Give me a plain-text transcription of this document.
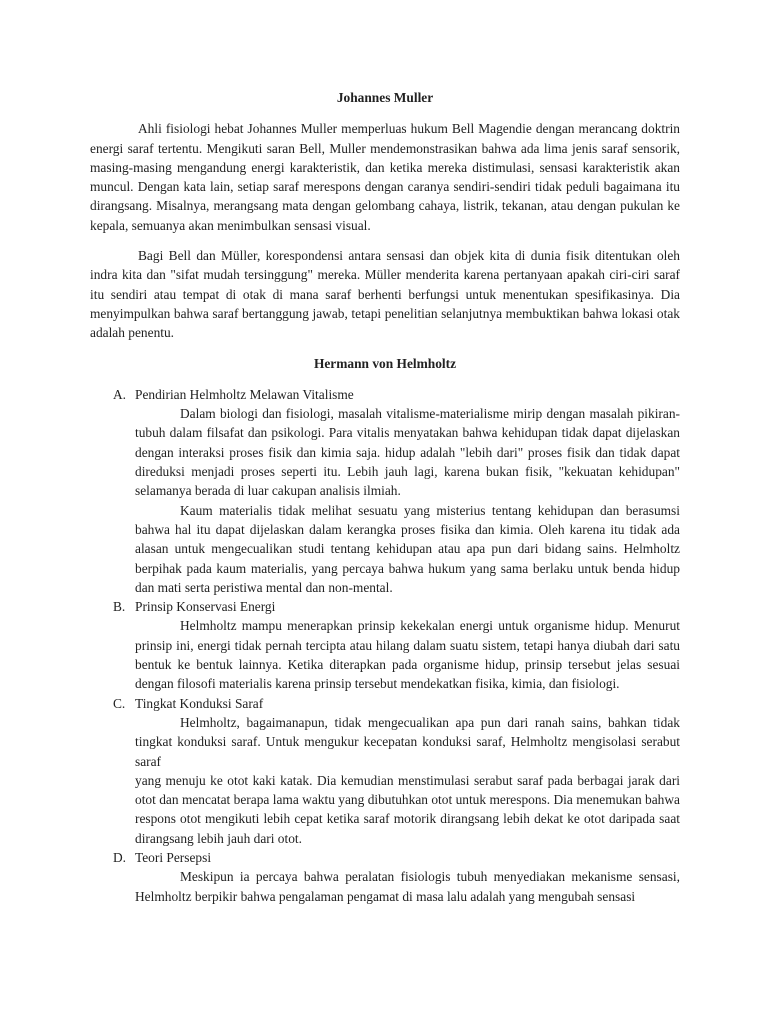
Johannes Muller

Ahli fisiologi hebat Johannes Muller memperluas hukum Bell Magendie dengan merancang doktrin energi saraf tertentu. Mengikuti saran Bell, Muller mendemonstrasikan bahwa ada lima jenis saraf sensorik, masing-masing mengandung energi karakteristik, dan ketika mereka distimulasi, sensasi karakteristik akan muncul. Dengan kata lain, setiap saraf merespons dengan caranya sendiri-sendiri tidak peduli bagaimana itu dirangsang. Misalnya, merangsang mata dengan gelombang cahaya, listrik, tekanan, atau dengan pukulan ke kepala, semuanya akan menimbulkan sensasi visual.

Bagi Bell dan Müller, korespondensi antara sensasi dan objek kita di dunia fisik ditentukan oleh indra kita dan "sifat mudah tersinggung" mereka. Müller menderita karena pertanyaan apakah ciri-ciri saraf itu sendiri atau tempat di otak di mana saraf berhenti berfungsi untuk menentukan spesifikasinya. Dia menyimpulkan bahwa saraf bertanggung jawab, tetapi penelitian selanjutnya membuktikan bahwa lokasi otak adalah penentu.

Hermann von Helmholtz
A. Pendirian Helmholtz Melawan Vitalisme

Dalam biologi dan fisiologi, masalah vitalisme-materialisme mirip dengan masalah pikiran-tubuh dalam filsafat dan psikologi. Para vitalis menyatakan bahwa kehidupan tidak dapat dijelaskan dengan interaksi proses fisik dan kimia saja. hidup adalah "lebih dari" proses fisik dan tidak dapat direduksi menjadi proses seperti itu. Lebih jauh lagi, karena bukan fisik, "kekuatan kehidupan" selamanya berada di luar cakupan analisis ilmiah.

Kaum materialis tidak melihat sesuatu yang misterius tentang kehidupan dan berasumsi bahwa hal itu dapat dijelaskan dalam kerangka proses fisika dan kimia. Oleh karena itu tidak ada alasan untuk mengecualikan studi tentang kehidupan atau apa pun dari bidang sains. Helmholtz berpihak pada kaum materialis, yang percaya bahwa hukum yang sama berlaku untuk benda hidup dan mati serta peristiwa mental dan non-mental.

B. Prinsip Konservasi Energi

Helmholtz mampu menerapkan prinsip kekekalan energi untuk organisme hidup. Menurut prinsip ini, energi tidak pernah tercipta atau hilang dalam suatu sistem, tetapi hanya diubah dari satu bentuk ke bentuk lainnya. Ketika diterapkan pada organisme hidup, prinsip tersebut jelas sesuai dengan filosofi materialis karena prinsip tersebut mendekatkan fisika, kimia, dan fisiologi.

C. Tingkat Konduksi Saraf

Helmholtz, bagaimanapun, tidak mengecualikan apa pun dari ranah sains, bahkan tidak tingkat konduksi saraf. Untuk mengukur kecepatan konduksi saraf, Helmholtz mengisolasi serabut saraf

yang menuju ke otot kaki katak. Dia kemudian menstimulasi serabut saraf pada berbagai jarak dari otot dan mencatat berapa lama waktu yang dibutuhkan otot untuk merespons. Dia menemukan bahwa respons otot mengikuti lebih cepat ketika saraf motorik dirangsang lebih dekat ke otot daripada saat dirangsang lebih jauh dari otot.

D. Teori Persepsi

Meskipun ia percaya bahwa peralatan fisiologis tubuh menyediakan mekanisme sensasi, Helmholtz berpikir bahwa pengalaman pengamat di masa lalu adalah yang mengubah sensasi
